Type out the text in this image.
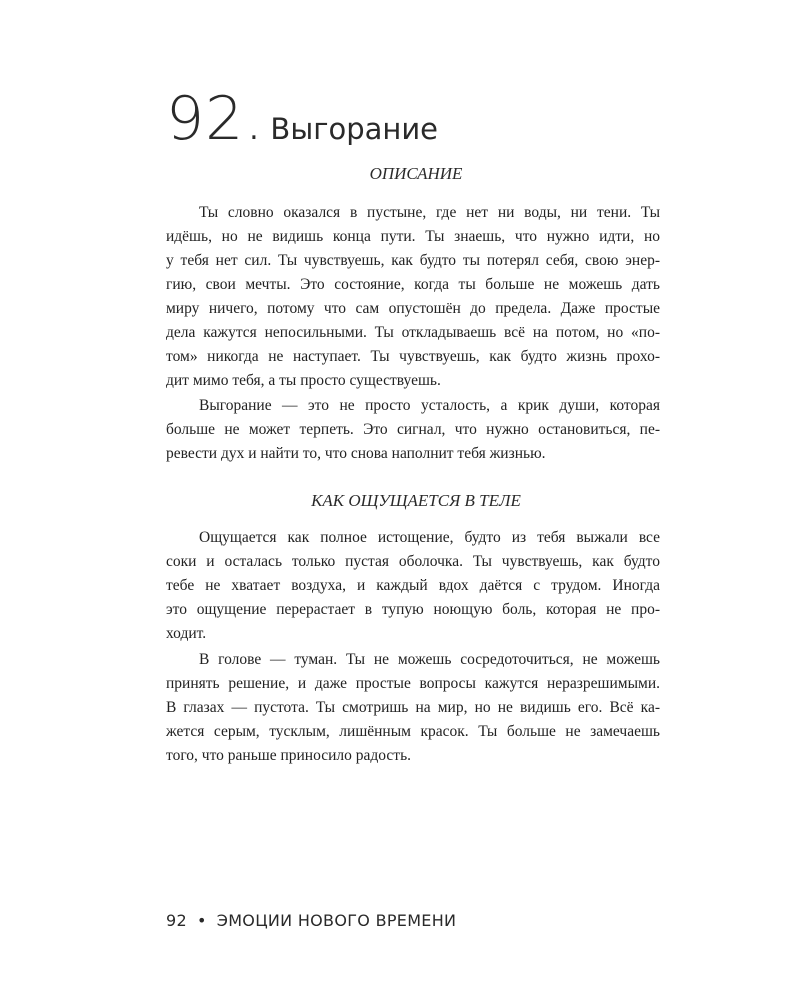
92. Выгорание
ОПИСАНИЕ
Ты словно оказался в пустыне, где нет ни воды, ни тени. Ты
идёшь, но не видишь конца пути. Ты знаешь, что нужно идти, но
у тебя нет сил. Ты чувствуешь, как будто ты потерял себя, свою энер-
гию, свои мечты. Это состояние, когда ты больше не можешь дать
миру ничего, потому что сам опустошён до предела. Даже простые
дела кажутся непосильными. Ты откладываешь всё на потом, но «по-
том» никогда не наступает. Ты чувствуешь, как будто жизнь прохо-
дит мимо тебя, а ты просто существуешь.
Выгорание — это не просто усталость, а крик души, которая
больше не может терпеть. Это сигнал, что нужно остановиться, пе-
ревести дух и найти то, что снова наполнит тебя жизнью.
КАК ОЩУЩАЕТСЯ В ТЕЛЕ
Ощущается как полное истощение, будто из тебя выжали все
соки и осталась только пустая оболочка. Ты чувствуешь, как будто
тебе не хватает воздуха, и каждый вдох даётся с трудом. Иногда
это ощущение перерастает в тупую ноющую боль, которая не про-
ходит.
В голове — туман. Ты не можешь сосредоточиться, не можешь
принять решение, и даже простые вопросы кажутся неразрешимыми.
В глазах — пустота. Ты смотришь на мир, но не видишь его. Всё ка-
жется серым, тусклым, лишённым красок. Ты больше не замечаешь
того, что раньше приносило радость.
92 • ЭМОЦИИ НОВОГО ВРЕМЕНИ
